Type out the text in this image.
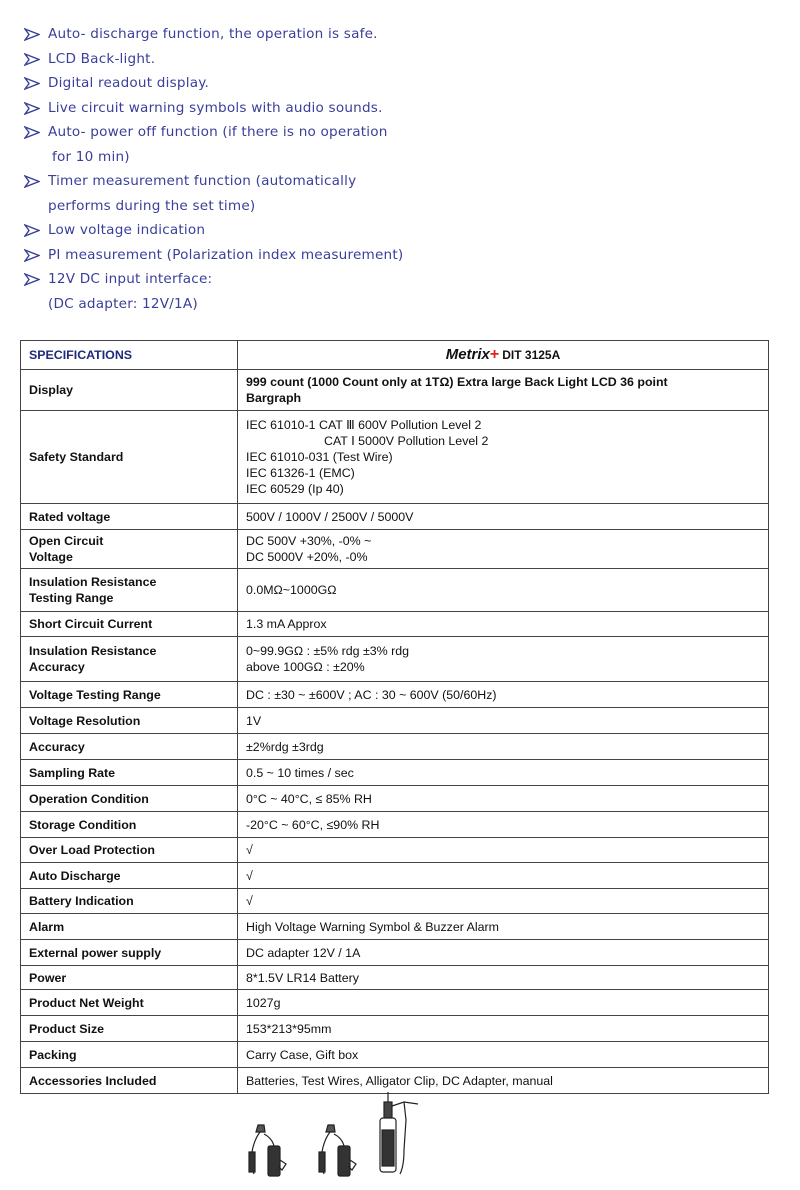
Auto- discharge function, the operation is safe.
LCD Back-light.
Digital readout display.
Live circuit warning symbols with audio sounds.
Auto- power off function (if there is no operation
for 10 min)
Timer measurement function (automatically
performs during the set time)
Low voltage indication
PI measurement (Polarization index measurement)
12V DC input interface:
(DC adapter: 12V/1A)
SPECIFICATIONS	Metrix+ DIT 3125A
Display	999 count (1000 Count only at 1TΩ) Extra large Back Light LCD 36 point
Bargraph

Safety Standard	IEC 61010-1 CAT Ⅲ 600V Pollution Level 2
CAT Ⅰ 5000V Pollution Level 2
IEC 61010-031 (Test Wire)
IEC 61326-1 (EMC)
IEC 60529 (Ip 40)

Rated voltage	500V / 1000V / 2500V / 5000V

Open Circuit
Voltage	DC 500V +30%, -0% ~
DC 5000V +20%, -0%

Insulation Resistance
Testing Range	0.0MΩ~1000GΩ
Short Circuit Current	1.3 mA Approx

Insulation Resistance
Accuracy	0~99.9GΩ : ±5% rdg ±3% rdg
above 100GΩ : ±20%

Voltage Testing Range	DC : ±30 ~ ±600V ; AC : 30 ~ 600V (50/60Hz)
Voltage Resolution	1V
Accuracy	±2%rdg ±3rdg
Sampling Rate	0.5 ~ 10 times / sec
Operation Condition	0°C ~ 40°C, ≤ 85% RH
Storage Condition	-20°C ~ 60°C, ≤90% RH
Over Load Protection	√
Auto Discharge	√
Battery Indication	√
Alarm	High Voltage Warning Symbol & Buzzer Alarm
External power supply	DC adapter 12V / 1A
Power	8*1.5V LR14 Battery
Product Net Weight	1027g
Product Size	153*213*95mm
Packing	Carry Case, Gift box
Accessories Included	Batteries, Test Wires, Alligator Clip, DC Adapter, manual
